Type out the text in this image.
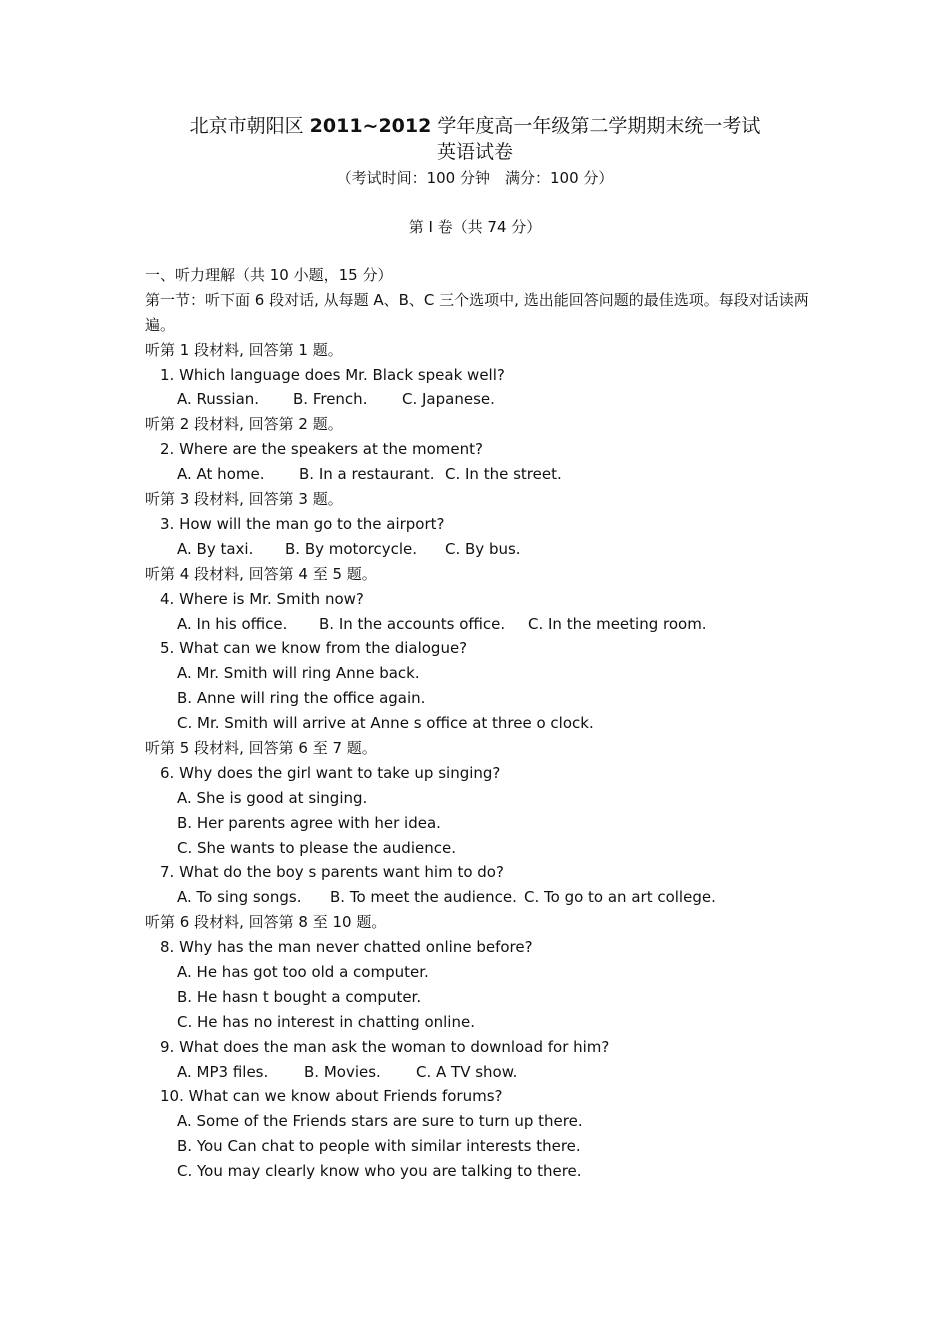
北京市朝阳区 2011~2012 学年度高一年级第二学期期末统一考试
英语试卷
（考试时间：100 分钟　满分：100 分）
第 I 卷（共 74 分）
一、听力理解（共 10 小题，15 分）
第一节：听下面 6 段对话, 从每题 A、B、C 三个选项中, 选出能回答问题的最佳选项。每段对话读两遍。
听第 1 段材料, 回答第 1 题。
1. Which language does Mr. Black speak well?
A. Russian.	B. French.	C. Japanese.
听第 2 段材料, 回答第 2 题。
2. Where are the speakers at the moment?
A. At home.	B. In a restaurant. C. In the street.
听第 3 段材料, 回答第 3 题。
3. How will the man go to the airport?
A. By taxi.	B. By motorcycle.	C. By bus.
听第 4 段材料, 回答第 4 至 5 题。
4. Where is Mr. Smith now?
A. In his office.	B. In the accounts office.	C. In the meeting room.
5. What can we know from the dialogue?
A. Mr. Smith will ring Anne back.
B. Anne will ring the office again.
C. Mr. Smith will arrive at Anne s office at three o clock.
听第 5 段材料, 回答第 6 至 7 题。
6. Why does the girl want to take up singing?
A. She is good at singing.
B. Her parents agree with her idea.
C. She wants to please the audience.
7. What do the boy s parents want him to do?
A. To sing songs.	B. To meet the audience. C. To go to an art college.
听第 6 段材料, 回答第 8 至 10 题。
8. Why has the man never chatted online before?
A. He has got too old a computer.
B. He hasn t bought a computer.
C. He has no interest in chatting online.
9. What does the man ask the woman to download for him?
A. MP3 files.	B. Movies.	C. A TV show.
10. What can we know about Friends forums?
A. Some of the Friends stars are sure to turn up there.
B. You Can chat to people with similar interests there.
C. You may clearly know who you are talking to there.
